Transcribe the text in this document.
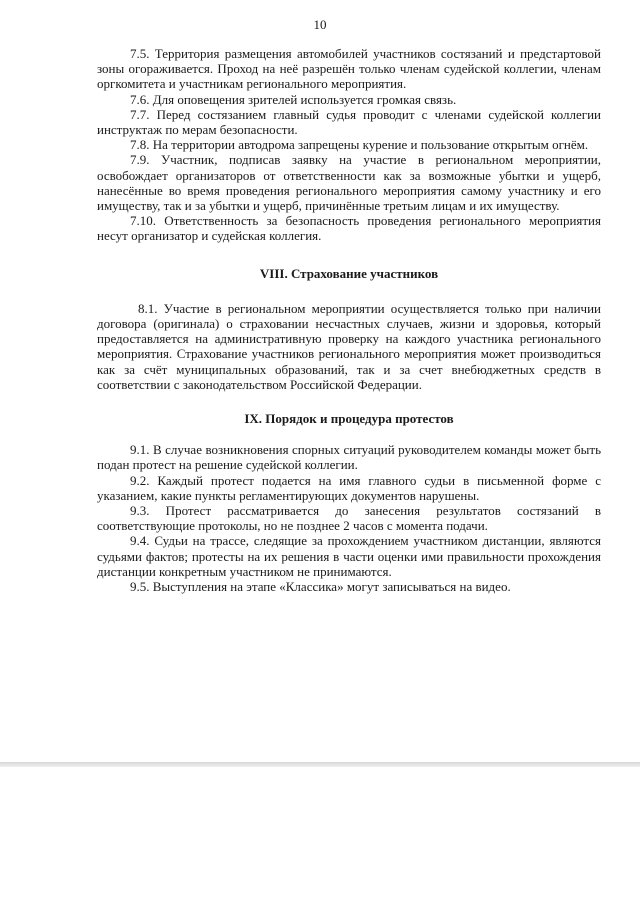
10

7.5. Территория размещения автомобилей участников состязаний и предстартовой зоны огораживается. Проход на неё разрешён только членам судейской коллегии, членам оргкомитета и участникам регионального мероприятия.

7.6. Для оповещения зрителей используется громкая связь.

7.7. Перед состязанием главный судья проводит с членами судейской коллегии инструктаж по мерам безопасности.

7.8. На территории автодрома запрещены курение и пользование открытым огнём.

7.9. Участник, подписав заявку на участие в региональном мероприятии, освобождает организаторов от ответственности как за возможные убытки и ущерб, нанесённые во время проведения регионального мероприятия самому участнику и его имуществу, так и за убытки и ущерб, причинённые третьим лицам и их имуществу.

7.10. Ответственность за безопасность проведения регионального мероприятия несут организатор и судейская коллегия.

VIII. Страхование участников

8.1. Участие в региональном мероприятии осуществляется только при наличии договора (оригинала) о страховании несчастных случаев, жизни и здоровья, который предоставляется на административную проверку на каждого участника регионального мероприятия. Страхование участников регионального мероприятия может производиться как за счёт муниципальных образований, так и за счет внебюджетных средств в соответствии с законодательством Российской Федерации.

IX. Порядок и процедура протестов

9.1. В случае возникновения спорных ситуаций руководителем команды может быть подан протест на решение судейской коллегии.

9.2. Каждый протест подается на имя главного судьи в письменной форме с указанием, какие пункты регламентирующих документов нарушены.

9.3. Протест рассматривается до занесения результатов состязаний в соответствующие протоколы, но не позднее 2 часов с момента подачи.

9.4. Судьи на трассе, следящие за прохождением участником дистанции, являются судьями фактов; протесты на их решения в части оценки ими правильности прохождения дистанции конкретным участником не принимаются.

9.5. Выступления на этапе «Классика» могут записываться на видео.
